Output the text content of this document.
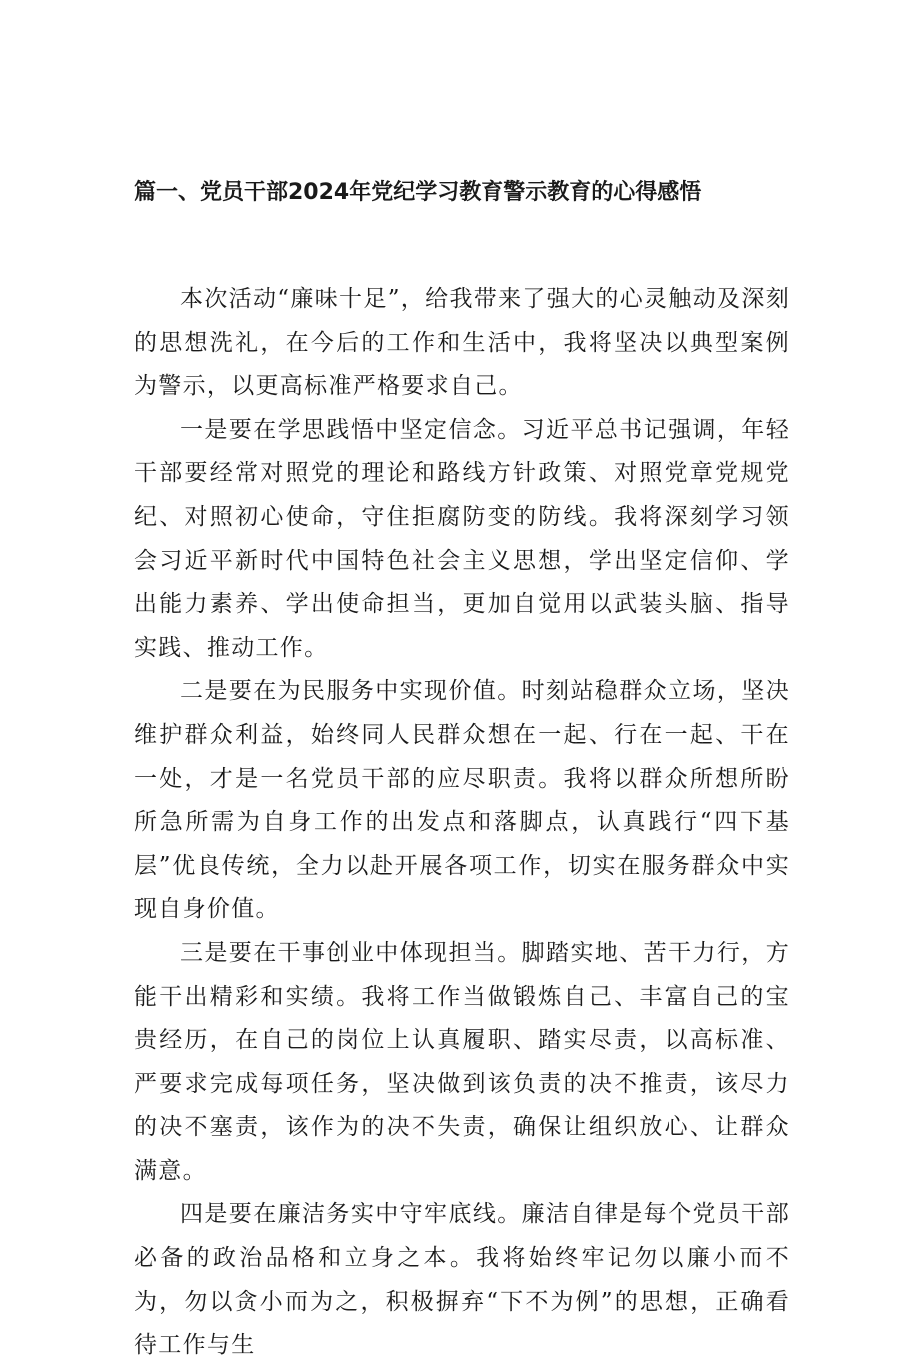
篇一、党员干部2024年党纪学习教育警示教育的心得感悟

本次活动“廉味十足”，给我带来了强大的心灵触动及深刻的思想洗礼，在今后的工作和生活中，我将坚决以典型案例为警示，以更高标准严格要求自己。

一是要在学思践悟中坚定信念。习近平总书记强调，年轻干部要经常对照党的理论和路线方针政策、对照党章党规党纪、对照初心使命，守住拒腐防变的防线。我将深刻学习领会习近平新时代中国特色社会主义思想，学出坚定信仰、学出能力素养、学出使命担当，更加自觉用以武装头脑、指导实践、推动工作。

二是要在为民服务中实现价值。时刻站稳群众立场，坚决维护群众利益，始终同人民群众想在一起、行在一起、干在一处，才是一名党员干部的应尽职责。我将以群众所想所盼所急所需为自身工作的出发点和落脚点，认真践行“四下基层”优良传统，全力以赴开展各项工作，切实在服务群众中实现自身价值。

三是要在干事创业中体现担当。脚踏实地、苦干力行，方能干出精彩和实绩。我将工作当做锻炼自己、丰富自己的宝贵经历，在自己的岗位上认真履职、踏实尽责，以高标准、严要求完成每项任务，坚决做到该负责的决不推责，该尽力的决不塞责，该作为的决不失责，确保让组织放心、让群众满意。

四是要在廉洁务实中守牢底线。廉洁自律是每个党员干部必备的政治品格和立身之本。我将始终牢记勿以廉小而不为，勿以贪小而为之，积极摒弃“下不为例”的思想，正确看待工作与生
